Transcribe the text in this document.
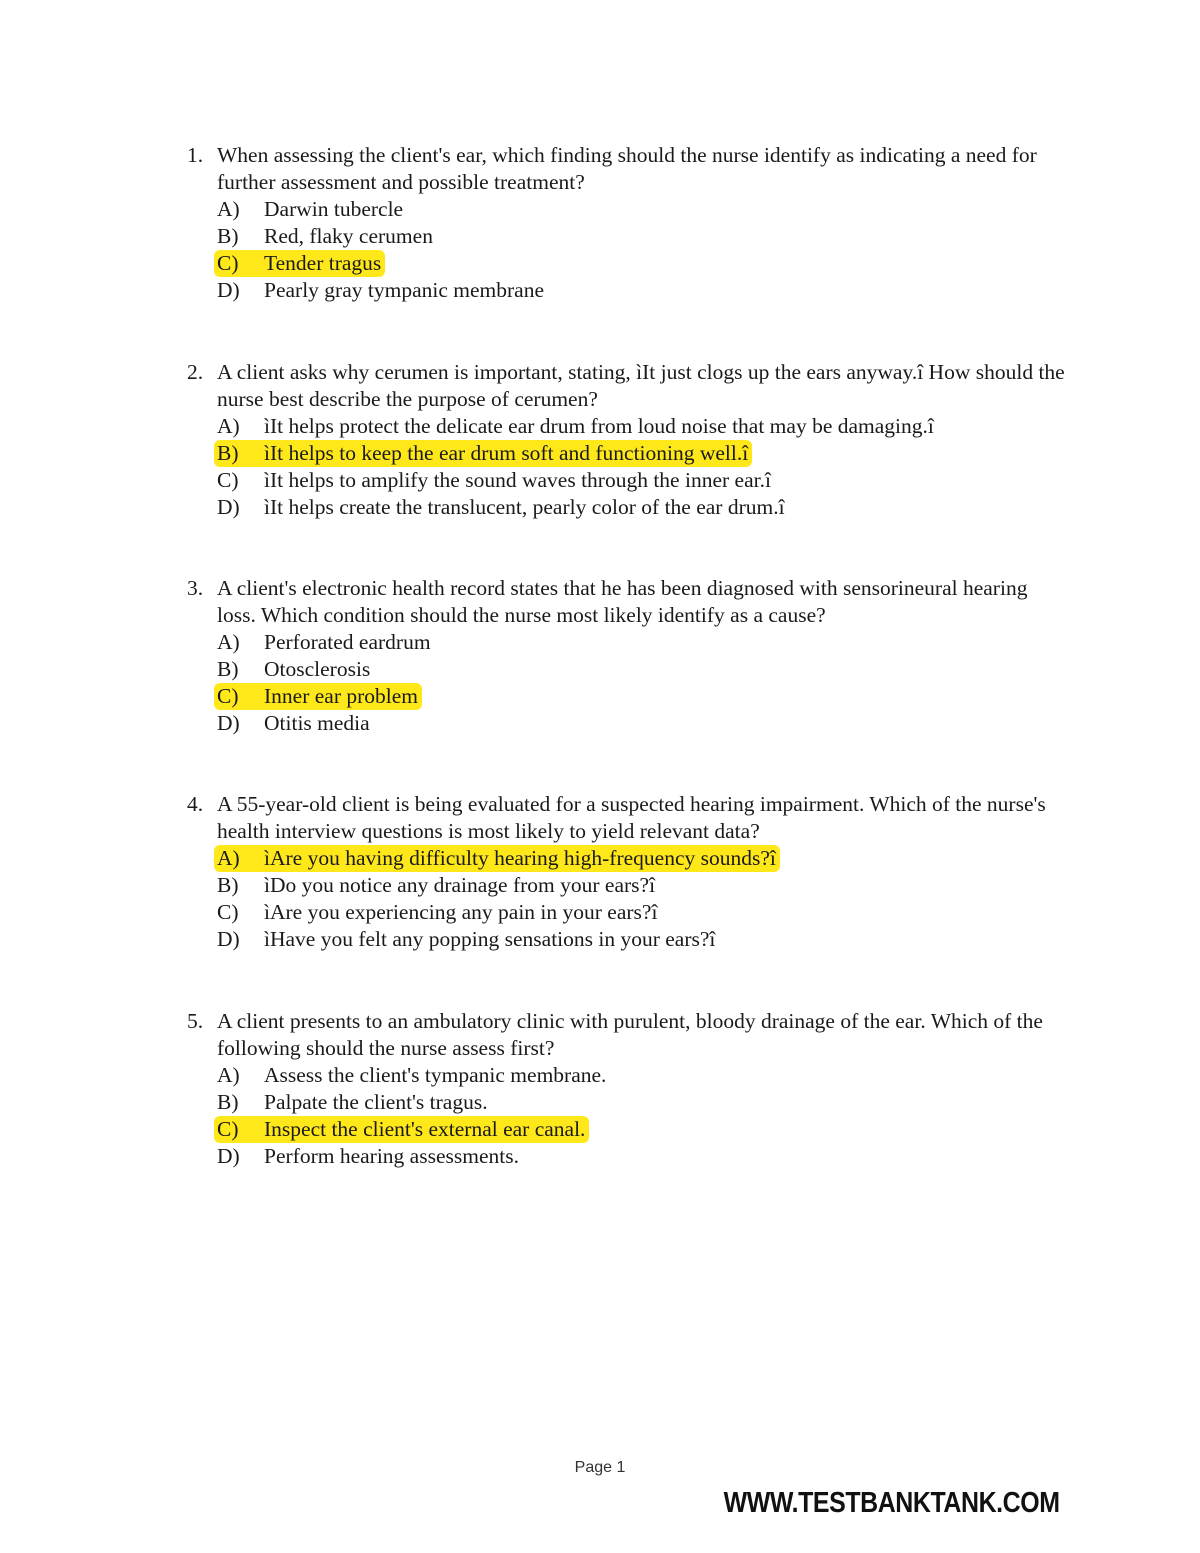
1. When assessing the client's ear, which finding should the nurse identify as indicating a need for further assessment and possible treatment?
A) Darwin tubercle
B) Red, flaky cerumen
C) Tender tragus
D) Pearly gray tympanic membrane
2. A client asks why cerumen is important, stating, ìIt just clogs up the ears anyway.î How should the nurse best describe the purpose of cerumen?
A) ìIt helps protect the delicate ear drum from loud noise that may be damaging.î
B) ìIt helps to keep the ear drum soft and functioning well.î
C) ìIt helps to amplify the sound waves through the inner ear.î
D) ìIt helps create the translucent, pearly color of the ear drum.î
3. A client's electronic health record states that he has been diagnosed with sensorineural hearing loss. Which condition should the nurse most likely identify as a cause?
A) Perforated eardrum
B) Otosclerosis
C) Inner ear problem
D) Otitis media
4. A 55-year-old client is being evaluated for a suspected hearing impairment. Which of the nurse's health interview questions is most likely to yield relevant data?
A) ìAre you having difficulty hearing high-frequency sounds?î
B) ìDo you notice any drainage from your ears?î
C) ìAre you experiencing any pain in your ears?î
D) ìHave you felt any popping sensations in your ears?î
5. A client presents to an ambulatory clinic with purulent, bloody drainage of the ear. Which of the following should the nurse assess first?
A) Assess the client's tympanic membrane.
B) Palpate the client's tragus.
C) Inspect the client's external ear canal.
D) Perform hearing assessments.
Page 1
WWW.TESTBANKTANK.COM
